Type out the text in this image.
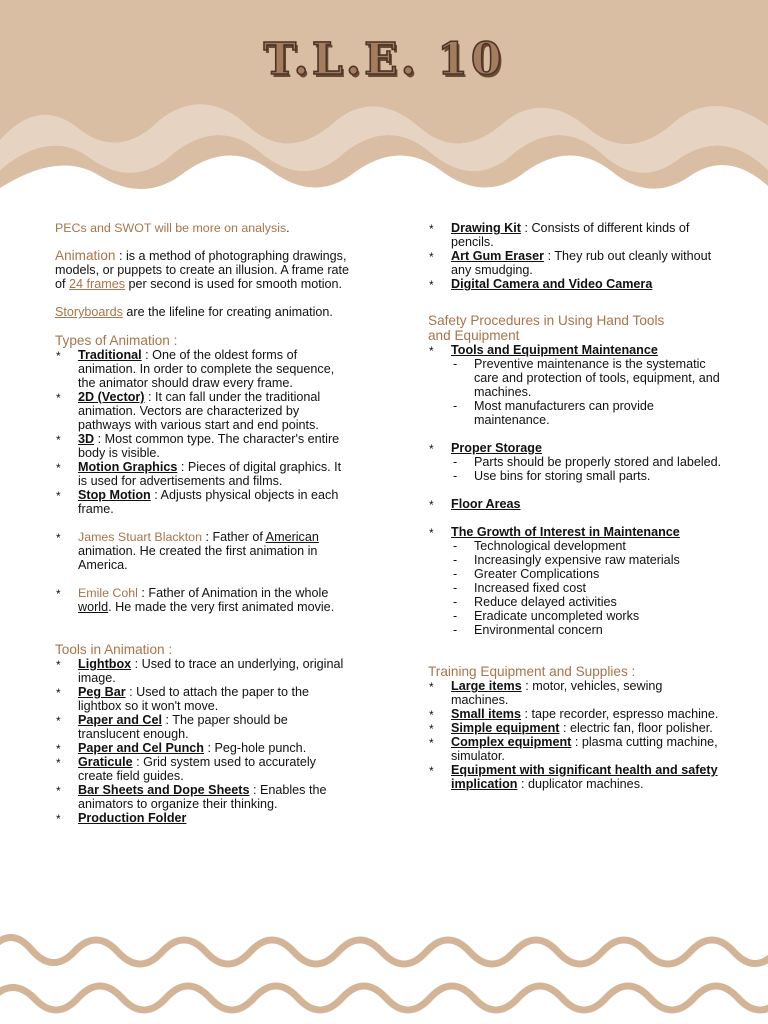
T.L.E. 10

PECs and SWOT will be more on analysis.

Animation : is a method of photographing drawings, models, or puppets to create an illusion. A frame rate of 24 frames per second is used for smooth motion.

Storyboards are the lifeline for creating animation.

Types of Animation :

* Traditional : One of the oldest forms of animation. In order to complete the sequence, the animator should draw every frame.
* 2D (Vector) : It can fall under the traditional animation. Vectors are characterized by pathways with various start and end points.
* 3D : Most common type. The character's entire body is visible.
* Motion Graphics : Pieces of digital graphics. It is used for advertisements and films.
* Stop Motion : Adjusts physical objects in each frame.
* James Stuart Blackton : Father of American animation. He created the first animation in America.
* Emile Cohl : Father of Animation in the whole world. He made the very first animated movie.

Tools in Animation :

* Lightbox : Used to trace an underlying, original image.
* Peg Bar : Used to attach the paper to the lightbox so it won't move.
* Paper and Cel : The paper should be translucent enough.
* Paper and Cel Punch : Peg-hole punch.
* Graticule : Grid system used to accurately create field guides.
* Bar Sheets and Dope Sheets : Enables the animators to organize their thinking.
* Production Folder
* Drawing Kit : Consists of different kinds of pencils.
* Art Gum Eraser : They rub out cleanly without any smudging.
* Digital Camera and Video Camera

Safety Procedures in Using Hand Tools and Equipment

* Tools and Equipment Maintenance
- Preventive maintenance is the systematic care and protection of tools, equipment, and machines.
- Most manufacturers can provide maintenance.
* Proper Storage
- Parts should be properly stored and labeled.
- Use bins for storing small parts.
* Floor Areas
* The Growth of Interest in Maintenance
- Technological development
- Increasingly expensive raw materials
- Greater Complications
- Increased fixed cost
- Reduce delayed activities
- Eradicate uncompleted works
- Environmental concern

Training Equipment and Supplies :

* Large items : motor, vehicles, sewing machines.
* Small items : tape recorder, espresso machine.
* Simple equipment : electric fan, floor polisher.
* Complex equipment : plasma cutting machine, simulator.
* Equipment with significant health and safety implication : duplicator machines.
